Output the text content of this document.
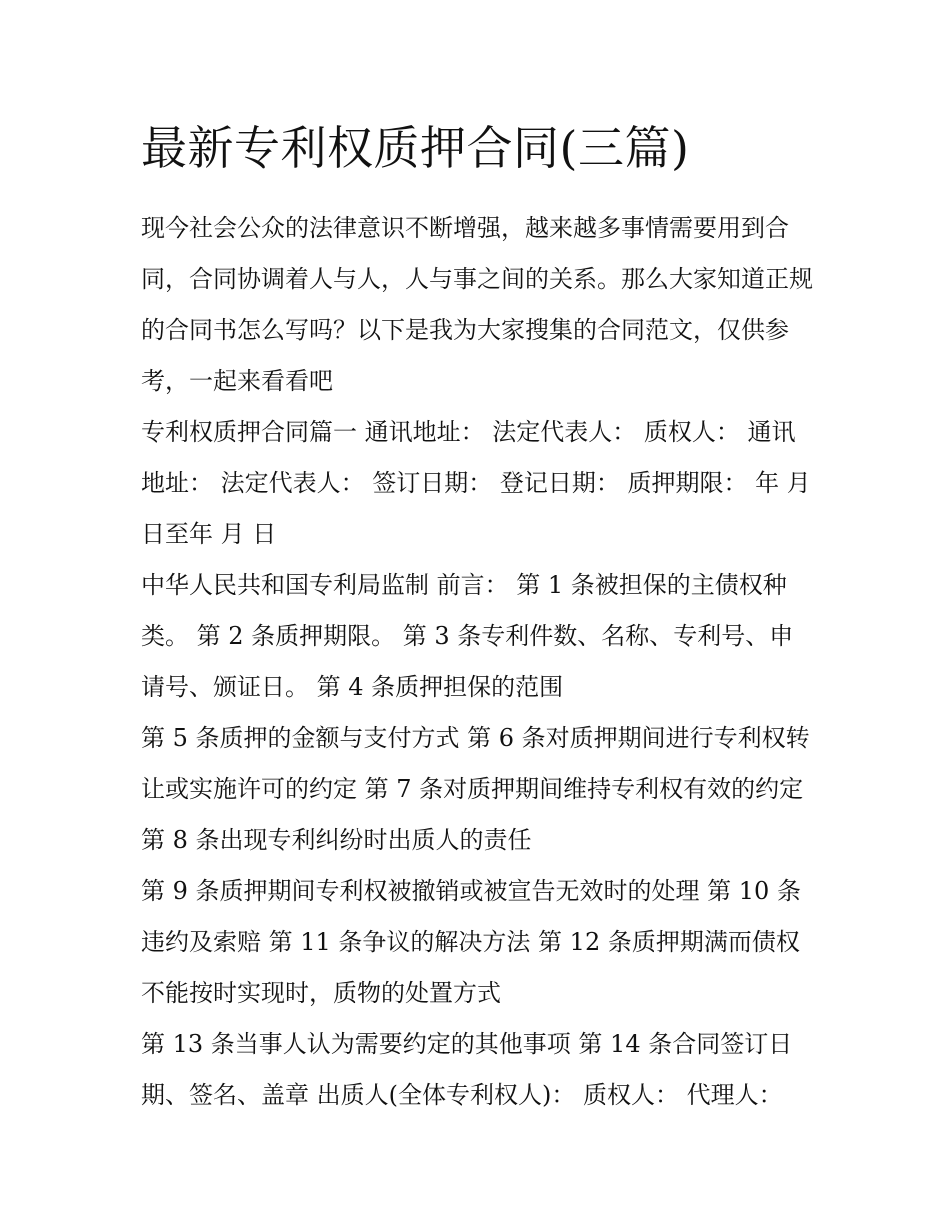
最新专利权质押合同(三篇)

现今社会公众的法律意识不断增强，越来越多事情需要用到合同，合同协调着人与人，人与事之间的关系。那么大家知道正规的合同书怎么写吗？以下是我为大家搜集的合同范文，仅供参考，一起来看看吧

专利权质押合同篇一 通讯地址： 法定代表人： 质权人： 通讯地址： 法定代表人： 签订日期： 登记日期： 质押期限： 年 月 日至年 月 日

中华人民共和国专利局监制 前言： 第 1 条被担保的主债权种类。 第 2 条质押期限。 第 3 条专利件数、名称、专利号、申请号、颁证日。 第 4 条质押担保的范围

第 5 条质押的金额与支付方式 第 6 条对质押期间进行专利权转让或实施许可的约定 第 7 条对质押期间维持专利权有效的约定 第 8 条出现专利纠纷时出质人的责任

第 9 条质押期间专利权被撤销或被宣告无效时的处理 第 10 条违约及索赔 第 11 条争议的解决方法 第 12 条质押期满而债权不能按时实现时，质物的处置方式

第 13 条当事人认为需要约定的其他事项 第 14 条合同签订日期、签名、盖章 出质人(全体专利权人)： 质权人： 代理人：
